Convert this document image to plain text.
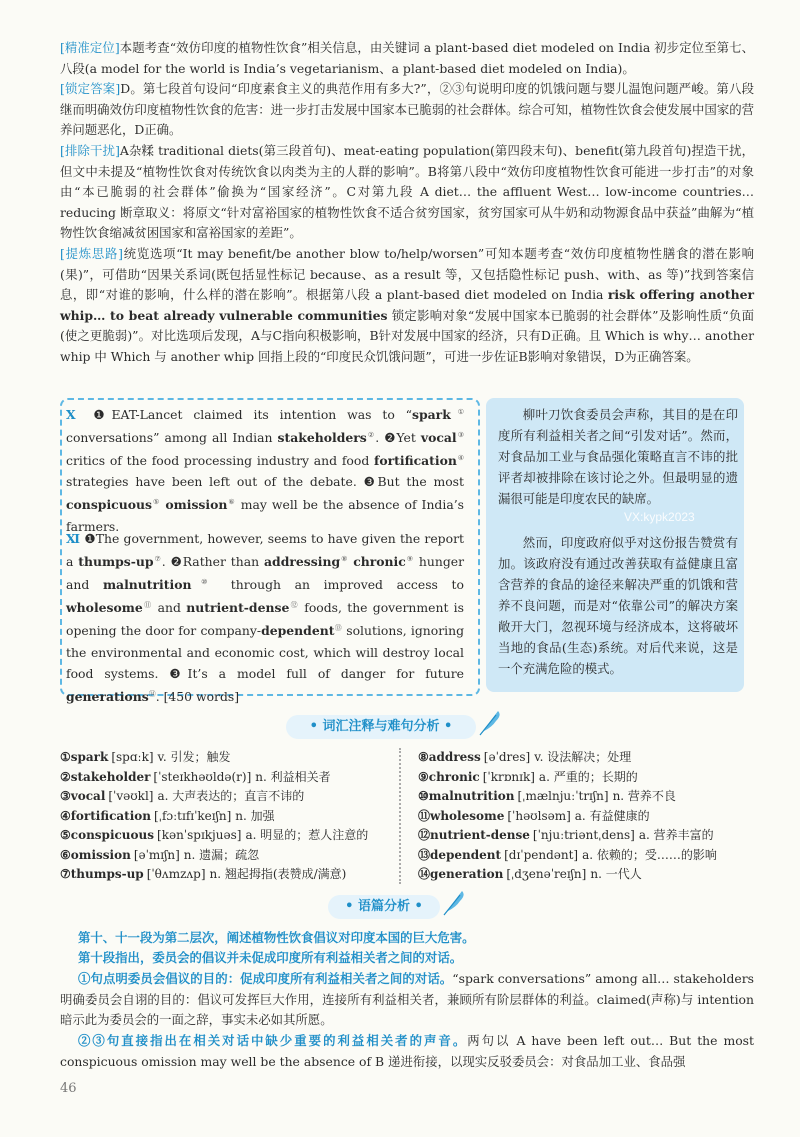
[精准定位]本题考查“效仿印度的植物性饮食”相关信息，由关键词 a plant-based diet modeled on India 初步定位至第七、八段(a model for the world is India’s vegetarianism、a plant-based diet modeled on India)。
[锁定答案]D。第七段首句设问“印度素食主义的典范作用有多大?”，②③句说明印度的饥饿问题与婴儿温饱问题严峻。第八段继而明确效仿印度植物性饮食的危害：进一步打击发展中国家本已脆弱的社会群体。综合可知，植物性饮食会使发展中国家的营养问题恶化，D正确。
[排除干扰]A杂糅 traditional diets(第三段首句)、meat-eating population(第四段末句)、benefit(第九段首句)捏造干扰，但文中未提及“植物性饮食对传统饮食以肉类为主的人群的影响”。B将第八段中“效仿印度植物性饮食可能进一步打击”的对象由“本已脆弱的社会群体”偷换为“国家经济”。C对第九段 A diet… the affluent West… low-income countries… reducing 断章取义：将原文“针对富裕国家的植物性饮食不适合贫穷国家，贫穷国家可从牛奶和动物源食品中获益”曲解为“植物性饮食缩减贫困国家和富裕国家的差距”。
[提炼思路]统览选项“It may benefit/be another blow to/help/worsen”可知本题考查“效仿印度植物性膳食的潜在影响(果)”，可借助“因果关系词(既包括显性标记 because、as a result 等，又包括隐性标记 push、with、as 等)”找到答案信息，即“对谁的影响，什么样的潜在影响”。根据第八段 a plant-based diet modeled on India risk offering another whip… to beat already vulnerable communities 锁定影响对象“发展中国家本已脆弱的社会群体”及影响性质“负面(使之更脆弱)”。对比选项后发现，A与C指向积极影响，B针对发展中国家的经济，只有D正确。且 Which is why… another whip 中 Which 与 another whip 回指上段的“印度民众饥饿问题”，可进一步佐证B影响对象错误，D为正确答案。
Ⅹ ❶EAT-Lancet claimed its intention was to “spark① conversations” among all Indian stakeholders②. ❷Yet vocal③ critics of the food processing industry and food fortification④ strategies have been left out of the debate. ❸But the most conspicuous⑤ omission⑥ may well be the absence of India’s farmers.
Ⅺ ❶The government, however, seems to have given the report a thumps-up⑦. ❷Rather than addressing⑧ chronic⑨ hunger and malnutrition⑩ through an improved access to wholesome⑪ and nutrient-dense⑫ foods, the government is opening the door for company-dependent⑬ solutions, ignoring the environmental and economic cost, which will destroy local food systems. ❸It’s a model full of danger for future generations⑭. [450 words]
柳叶刀饮食委员会声称，其目的是在印度所有利益相关者之间“引发对话”。然而，对食品加工业与食品强化策略直言不讳的批评者却被排除在该讨论之外。但最明显的遗漏很可能是印度农民的缺席。
然而，印度政府似乎对这份报告赞赏有加。该政府没有通过改善获取有益健康且富含营养的食品的途径来解决严重的饥饿和营养不良问题，而是对“依靠公司”的解决方案敞开大门，忽视环境与经济成本，这将破坏当地的食品(生态)系统。对后代来说，这是一个充满危险的模式。
VX:kypk2023
• 词汇注释与难句分析 •
①spark [spɑːk] v. 引发；触发
②stakeholder [ˈsteɪkhəʊldə(r)] n. 利益相关者
③vocal [ˈvəʊkl] a. 大声表达的；直言不讳的
④fortification [ˌfɔːtɪfɪˈkeɪʃn] n. 加强
⑤conspicuous [kənˈspɪkjuəs] a. 明显的；惹人注意的
⑥omission [əˈmɪʃn] n. 遗漏；疏忽
⑦thumps-up [ˈθʌmzʌp] n. 翘起拇指(表赞成/满意)
⑧address [əˈdres] v. 设法解决；处理
⑨chronic [ˈkrɒnɪk] a. 严重的；长期的
⑩malnutrition [ˌmælnjuːˈtrɪʃn] n. 营养不良
⑪wholesome [ˈhəʊlsəm] a. 有益健康的
⑫nutrient-dense [ˈnjuːtriəntˌdens] a. 营养丰富的
⑬dependent [dɪˈpendənt] a. 依赖的；受……的影响
⑭generation [ˌdʒenəˈreɪʃn] n. 一代人
• 语篇分析 •
第十、十一段为第二层次，阐述植物性饮食倡议对印度本国的巨大危害。
第十段指出，委员会的倡议并未促成印度所有利益相关者之间的对话。
①句点明委员会倡议的目的：促成印度所有利益相关者之间的对话。“spark conversations” among all… stakeholders 明确委员会自诩的目的：倡议可发挥巨大作用，连接所有利益相关者，兼顾所有阶层群体的利益。claimed(声称)与 intention 暗示此为委员会的一面之辞，事实未必如其所愿。
②③句直接指出在相关对话中缺少重要的利益相关者的声音。两句以 A have been left out… But the most conspicuous omission may well be the absence of B 递进衔接，以现实反驳委员会：对食品加工业、食品强
46
